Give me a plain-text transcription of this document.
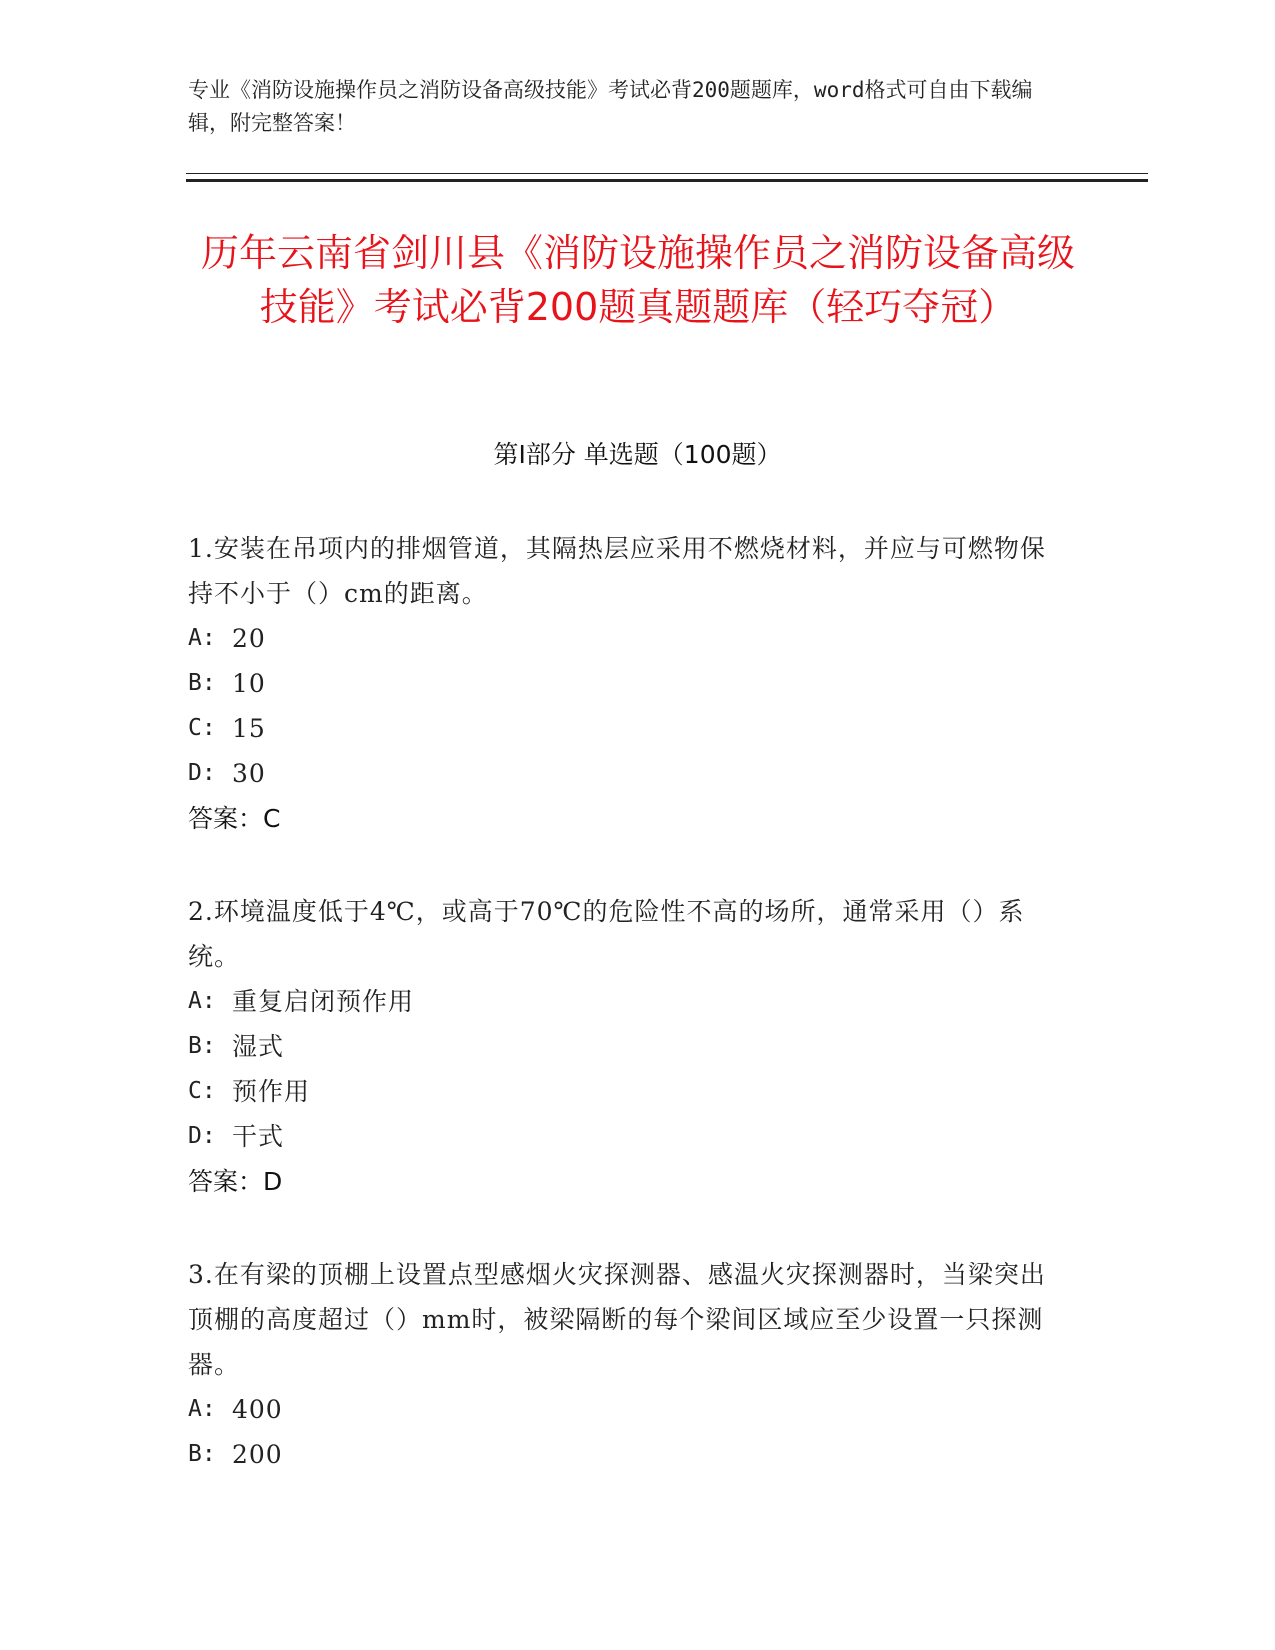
专业《消防设施操作员之消防设备高级技能》考试必背200题题库，word格式可自由下载编辑，附完整答案！
历年云南省剑川县《消防设施操作员之消防设备高级技能》考试必背200题真题题库（轻巧夺冠）
第Ⅰ部分 单选题（100题）

1.安装在吊项内的排烟管道，其隔热层应采用不燃烧材料，并应与可燃物保持不小于（）cm的距离。

A: 20
B: 10
C: 15
D: 30

答案：C

2.环境温度低于4℃，或高于70℃的危险性不高的场所，通常采用（）系统。

A: 重复启闭预作用
B: 湿式
C: 预作用
D: 干式

答案：D

3.在有梁的顶棚上设置点型感烟火灾探测器、感温火灾探测器时，当梁突出顶棚的高度超过（）mm时，被梁隔断的每个梁间区域应至少设置一只探测器。

A: 400
B: 200
